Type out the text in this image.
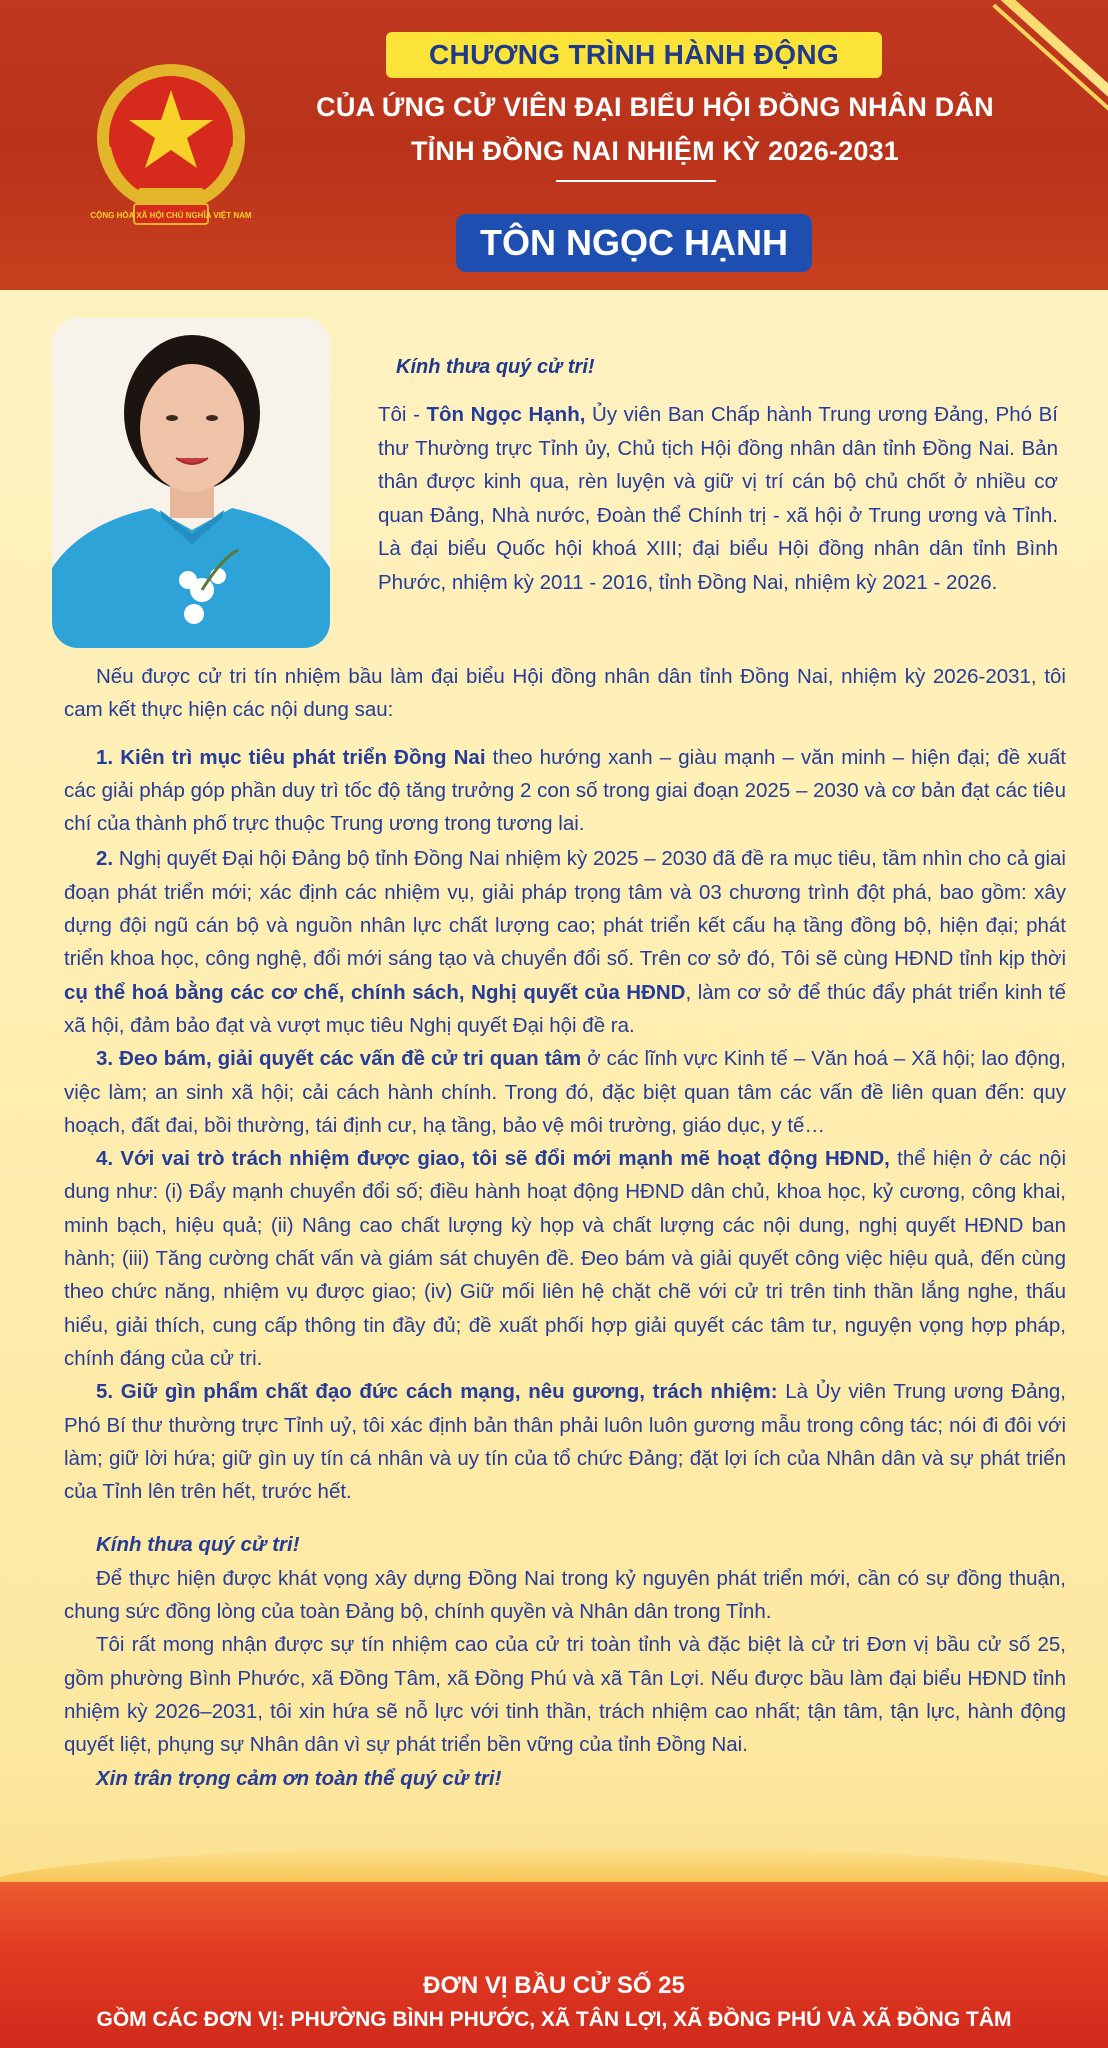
CỘNG HÒA XÃ HỘI CHỦ NGHĨA VIỆT NAM
CHƯƠNG TRÌNH HÀNH ĐỘNG
CỦA ỨNG CỬ VIÊN ĐẠI BIỂU HỘI ĐỒNG NHÂN DÂN
TỈNH ĐỒNG NAI NHIỆM KỲ 2026-2031
TÔN NGỌC HẠNH
Kính thưa quý cử tri!
Tôi - Tôn Ngọc Hạnh, Ủy viên Ban Chấp hành Trung ương Đảng, Phó Bí thư Thường trực Tỉnh ủy, Chủ tịch Hội đồng nhân dân tỉnh Đồng Nai. Bản thân được kinh qua, rèn luyện và giữ vị trí cán bộ chủ chốt ở nhiều cơ quan Đảng, Nhà nước, Đoàn thể Chính trị - xã hội ở Trung ương và Tỉnh. Là đại biểu Quốc hội khoá XIII; đại biểu Hội đồng nhân dân tỉnh Bình Phước, nhiệm kỳ 2011 - 2016, tỉnh Đồng Nai, nhiệm kỳ 2021 - 2026.

Nếu được cử tri tín nhiệm bầu làm đại biểu Hội đồng nhân dân tỉnh Đồng Nai, nhiệm kỳ 2026-2031, tôi cam kết thực hiện các nội dung sau:

1. Kiên trì mục tiêu phát triển Đồng Nai theo hướng xanh – giàu mạnh – văn minh – hiện đại; đề xuất các giải pháp góp phần duy trì tốc độ tăng trưởng 2 con số trong giai đoạn 2025 – 2030 và cơ bản đạt các tiêu chí của thành phố trực thuộc Trung ương trong tương lai.

2. Nghị quyết Đại hội Đảng bộ tỉnh Đồng Nai nhiệm kỳ 2025 – 2030 đã đề ra mục tiêu, tầm nhìn cho cả giai đoạn phát triển mới; xác định các nhiệm vụ, giải pháp trọng tâm và 03 chương trình đột phá, bao gồm: xây dựng đội ngũ cán bộ và nguồn nhân lực chất lượng cao; phát triển kết cấu hạ tầng đồng bộ, hiện đại; phát triển khoa học, công nghệ, đổi mới sáng tạo và chuyển đổi số. Trên cơ sở đó, Tôi sẽ cùng HĐND tỉnh kịp thời cụ thể hoá bằng các cơ chế, chính sách, Nghị quyết của HĐND, làm cơ sở để thúc đẩy phát triển kinh tế xã hội, đảm bảo đạt và vượt mục tiêu Nghị quyết Đại hội đề ra.

3. Đeo bám, giải quyết các vấn đề cử tri quan tâm ở các lĩnh vực Kinh tế – Văn hoá – Xã hội; lao động, việc làm; an sinh xã hội; cải cách hành chính. Trong đó, đặc biệt quan tâm các vấn đề liên quan đến: quy hoạch, đất đai, bồi thường, tái định cư, hạ tầng, bảo vệ môi trường, giáo dục, y tế…

4. Với vai trò trách nhiệm được giao, tôi sẽ đổi mới mạnh mẽ hoạt động HĐND, thể hiện ở các nội dung như: (i) Đẩy mạnh chuyển đổi số; điều hành hoạt động HĐND dân chủ, khoa học, kỷ cương, công khai, minh bạch, hiệu quả; (ii) Nâng cao chất lượng kỳ họp và chất lượng các nội dung, nghị quyết HĐND ban hành; (iii) Tăng cường chất vấn và giám sát chuyên đề. Đeo bám và giải quyết công việc hiệu quả, đến cùng theo chức năng, nhiệm vụ được giao; (iv) Giữ mối liên hệ chặt chẽ với cử tri trên tinh thần lắng nghe, thấu hiểu, giải thích, cung cấp thông tin đầy đủ; đề xuất phối hợp giải quyết các tâm tư, nguyện vọng hợp pháp, chính đáng của cử tri.

5. Giữ gìn phẩm chất đạo đức cách mạng, nêu gương, trách nhiệm: Là Ủy viên Trung ương Đảng, Phó Bí thư thường trực Tỉnh uỷ, tôi xác định bản thân phải luôn luôn gương mẫu trong công tác; nói đi đôi với làm; giữ lời hứa; giữ gìn uy tín cá nhân và uy tín của tổ chức Đảng; đặt lợi ích của Nhân dân và sự phát triển của Tỉnh lên trên hết, trước hết.

Kính thưa quý cử tri!

Để thực hiện được khát vọng xây dựng Đồng Nai trong kỷ nguyên phát triển mới, cần có sự đồng thuận, chung sức đồng lòng của toàn Đảng bộ, chính quyền và Nhân dân trong Tỉnh.

Tôi rất mong nhận được sự tín nhiệm cao của cử tri toàn tỉnh và đặc biệt là cử tri Đơn vị bầu cử số 25, gồm phường Bình Phước, xã Đồng Tâm, xã Đồng Phú và xã Tân Lợi. Nếu được bầu làm đại biểu HĐND tỉnh nhiệm kỳ 2026–2031, tôi xin hứa sẽ nỗ lực với tinh thần, trách nhiệm cao nhất; tận tâm, tận lực, hành động quyết liệt, phụng sự Nhân dân vì sự phát triển bền vững của tỉnh Đồng Nai.

Xin trân trọng cảm ơn toàn thể quý cử tri!

ĐƠN VỊ BẦU CỬ SỐ 25
GỒM CÁC ĐƠN VỊ: PHƯỜNG BÌNH PHƯỚC, XÃ TÂN LỢI, XÃ ĐỒNG PHÚ VÀ XÃ ĐỒNG TÂM
